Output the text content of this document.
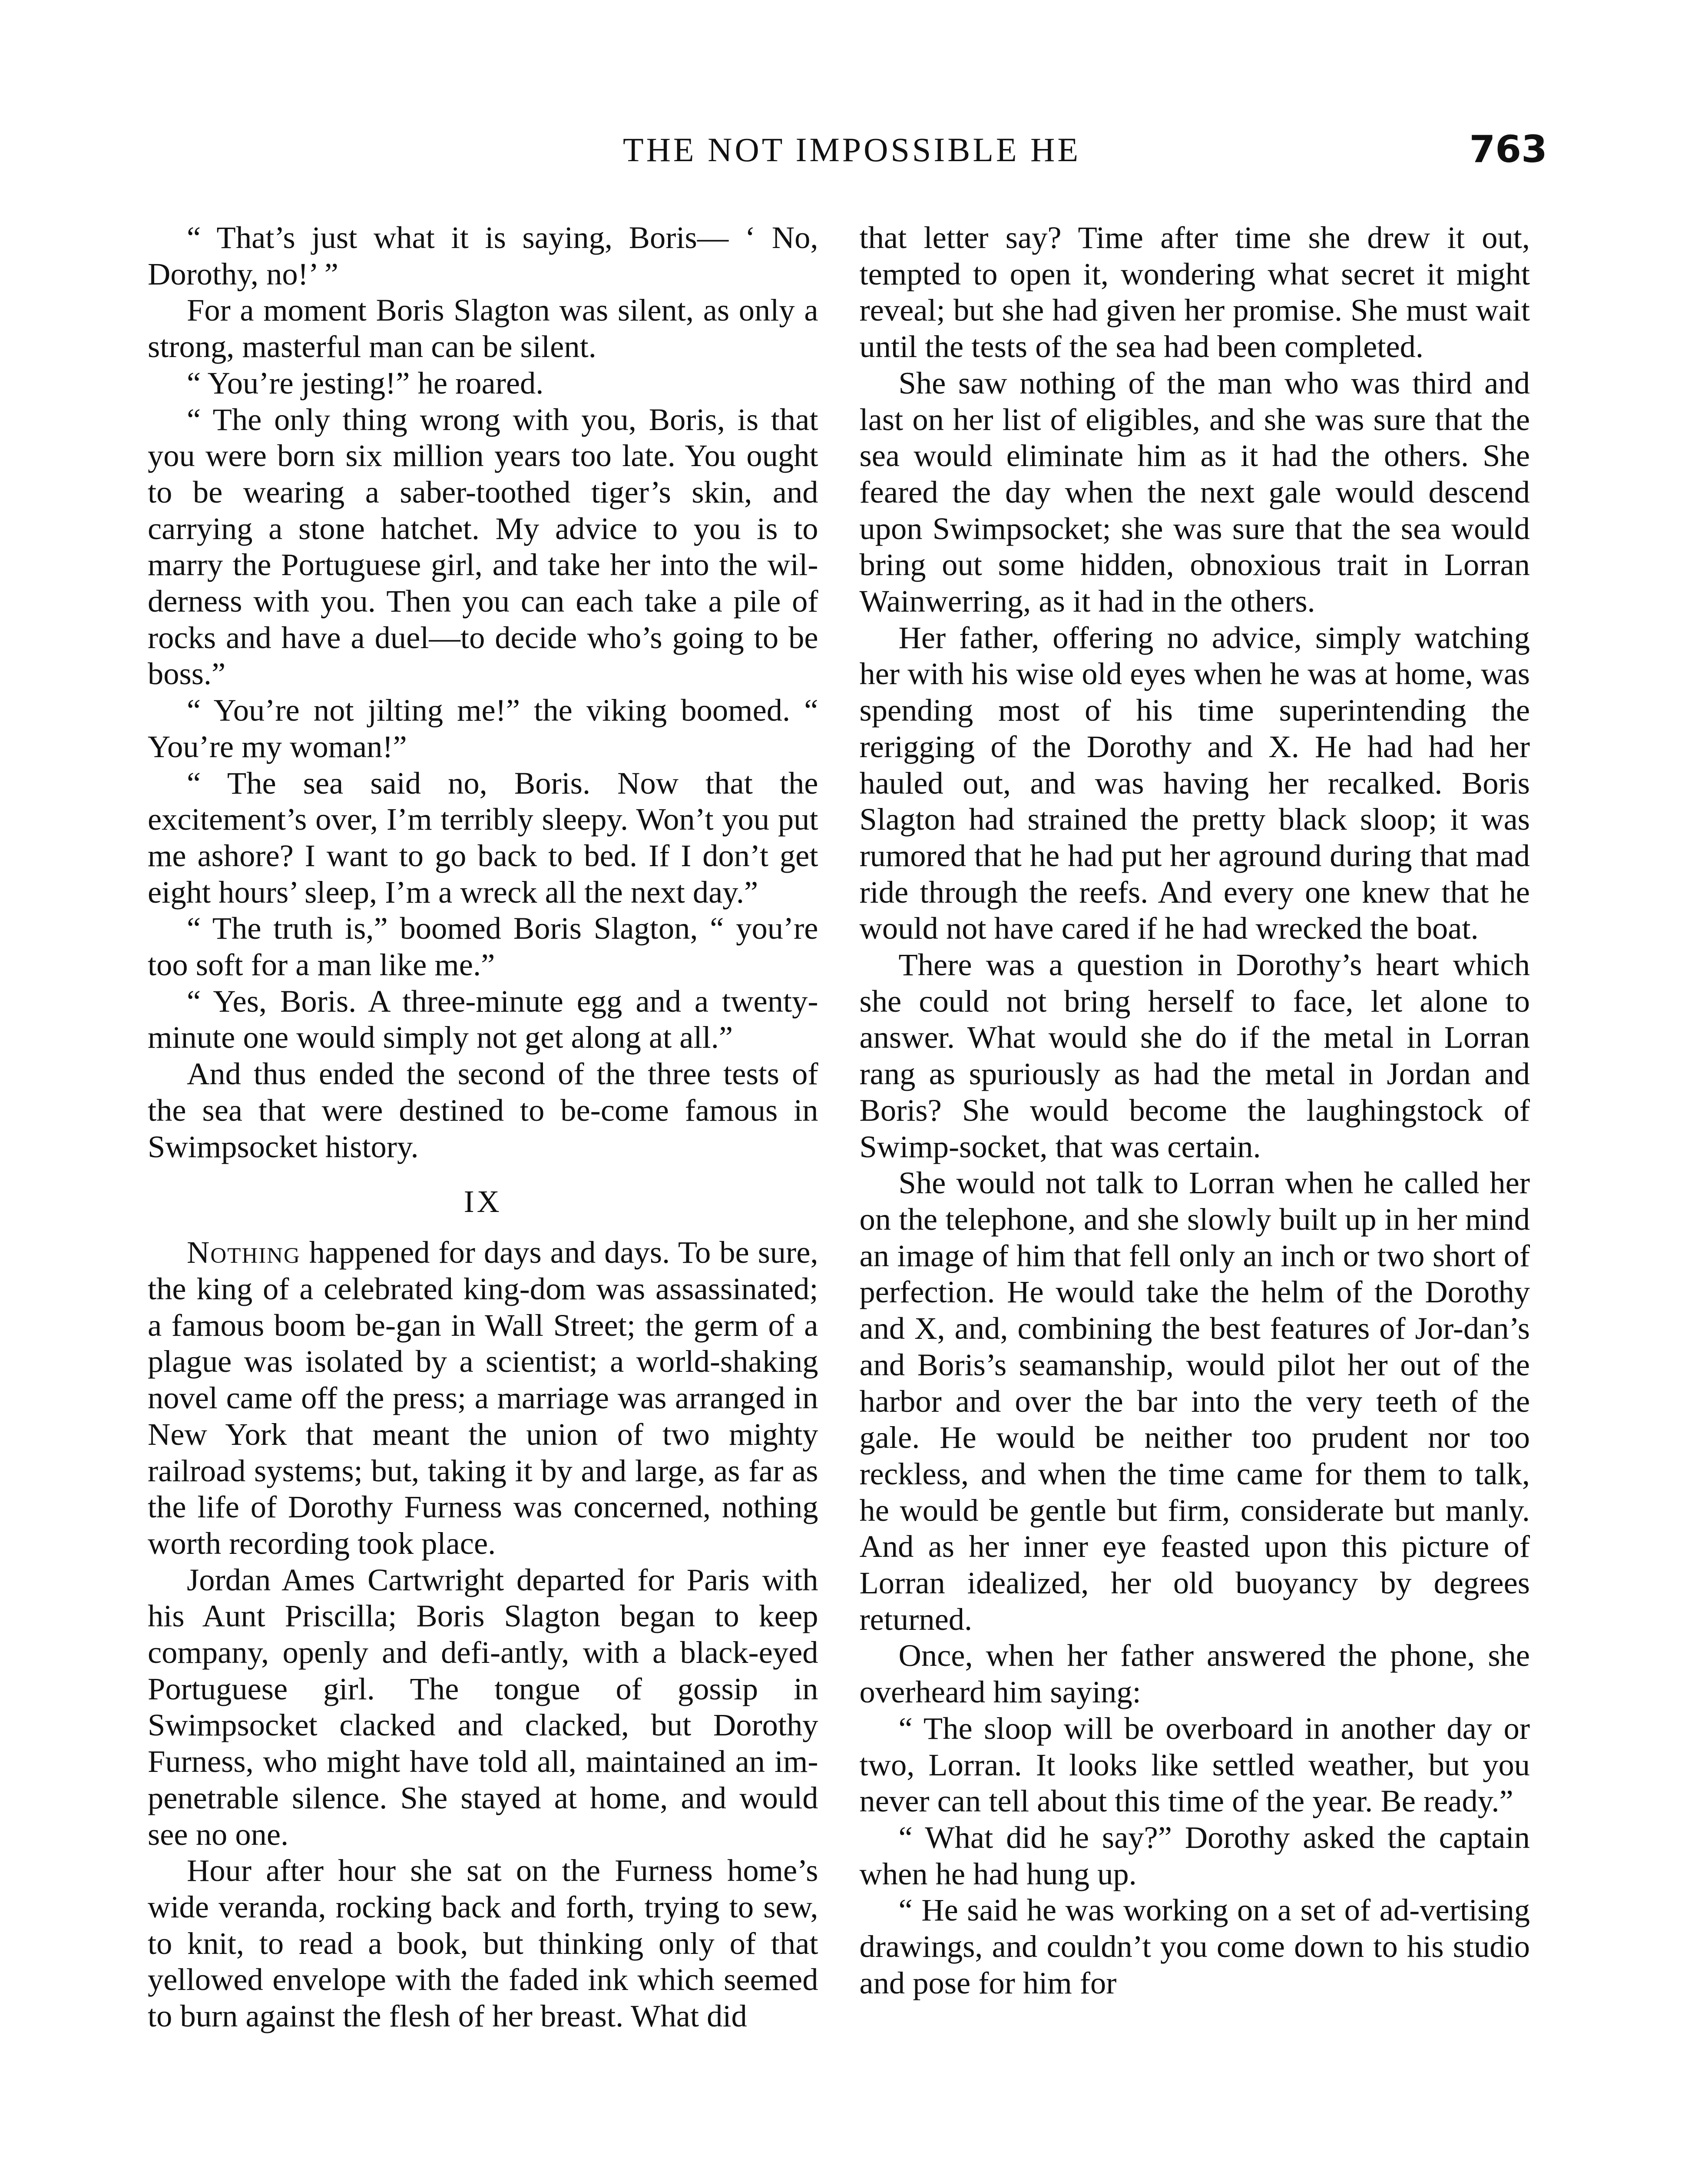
THE NOT IMPOSSIBLE HE	763

“ That’s just what it is saying, Boris— ‘ No, Dorothy, no!’ ”

For a moment Boris Slagton was silent, as only a strong, masterful man can be silent.

“ You’re jesting!” he roared.

“ The only thing wrong with you, Boris, is that you were born six million years too late. You ought to be wearing a saber-toothed tiger’s skin, and carrying a stone hatchet. My advice to you is to marry the Portuguese girl, and take her into the wil-derness with you. Then you can each take a pile of rocks and have a duel—to decide who’s going to be boss.”

“ You’re not jilting me!” the viking boomed. “ You’re my woman!”

“ The sea said no, Boris. Now that the excitement’s over, I’m terribly sleepy. Won’t you put me ashore? I want to go back to bed. If I don’t get eight hours’ sleep, I’m a wreck all the next day.”

“ The truth is,” boomed Boris Slagton, “ you’re too soft for a man like me.”

“ Yes, Boris. A three-minute egg and a twenty-minute one would simply not get along at all.”

And thus ended the second of the three tests of the sea that were destined to be-come famous in Swimpsocket history.

IX

Nothing happened for days and days. To be sure, the king of a celebrated king-dom was assassinated; a famous boom be-gan in Wall Street; the germ of a plague was isolated by a scientist; a world-shaking novel came off the press; a marriage was arranged in New York that meant the union of two mighty railroad systems; but, taking it by and large, as far as the life of Dorothy Furness was concerned, nothing worth recording took place.

Jordan Ames Cartwright departed for Paris with his Aunt Priscilla; Boris Slagton began to keep company, openly and defi-antly, with a black-eyed Portuguese girl. The tongue of gossip in Swimpsocket clacked and clacked, but Dorothy Furness, who might have told all, maintained an im-penetrable silence. She stayed at home, and would see no one.

Hour after hour she sat on the Furness home’s wide veranda, rocking back and forth, trying to sew, to knit, to read a book, but thinking only of that yellowed envelope with the faded ink which seemed to burn against the flesh of her breast. What did

that letter say? Time after time she drew it out, tempted to open it, wondering what secret it might reveal; but she had given her promise. She must wait until the tests of the sea had been completed.

She saw nothing of the man who was third and last on her list of eligibles, and she was sure that the sea would eliminate him as it had the others. She feared the day when the next gale would descend upon Swimpsocket; she was sure that the sea would bring out some hidden, obnoxious trait in Lorran Wainwerring, as it had in the others.

Her father, offering no advice, simply watching her with his wise old eyes when he was at home, was spending most of his time superintending the rerigging of the Dorothy and X. He had had her hauled out, and was having her recalked. Boris Slagton had strained the pretty black sloop; it was rumored that he had put her aground during that mad ride through the reefs. And every one knew that he would not have cared if he had wrecked the boat.

There was a question in Dorothy’s heart which she could not bring herself to face, let alone to answer. What would she do if the metal in Lorran rang as spuriously as had the metal in Jordan and Boris? She would become the laughingstock of Swimp-socket, that was certain.

She would not talk to Lorran when he called her on the telephone, and she slowly built up in her mind an image of him that fell only an inch or two short of perfection. He would take the helm of the Dorothy and X, and, combining the best features of Jor-dan’s and Boris’s seamanship, would pilot her out of the harbor and over the bar into the very teeth of the gale. He would be neither too prudent nor too reckless, and when the time came for them to talk, he would be gentle but firm, considerate but manly. And as her inner eye feasted upon this picture of Lorran idealized, her old buoyancy by degrees returned.

Once, when her father answered the phone, she overheard him saying:

“ The sloop will be overboard in another day or two, Lorran. It looks like settled weather, but you never can tell about this time of the year. Be ready.”

“ What did he say?” Dorothy asked the captain when he had hung up.

“ He said he was working on a set of ad-vertising drawings, and couldn’t you come down to his studio and pose for him for
